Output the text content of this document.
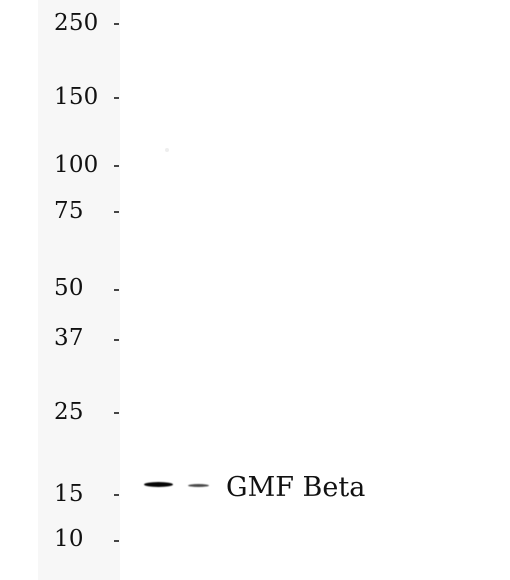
250
150
100
75
50
37
25
15
10
GMF Beta
